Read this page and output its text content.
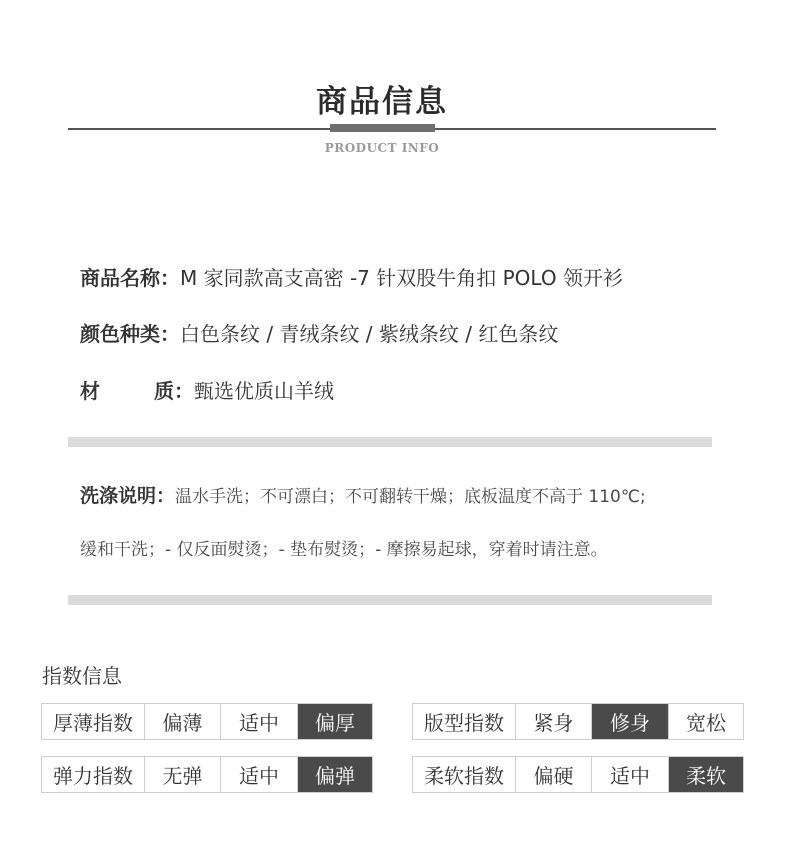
商品信息
PRODUCT INFO
商品名称：M 家同款高支高密 -7 针双股牛角扣 POLO 领开衫
颜色种类：白色条纹 / 青绒条纹 / 紫绒条纹 / 红色条纹
材质：甄选优质山羊绒
洗涤说明：温水手洗；不可漂白；不可翻转干燥；底板温度不高于 110℃;
缓和干洗；- 仅反面熨烫；- 垫布熨烫；- 摩擦易起球，穿着时请注意。
指数信息
厚薄指数	偏薄	适中	偏厚	版型指数	紧身	修身	宽松
弹力指数	无弹	适中	偏弹	柔软指数	偏硬	适中	柔软
